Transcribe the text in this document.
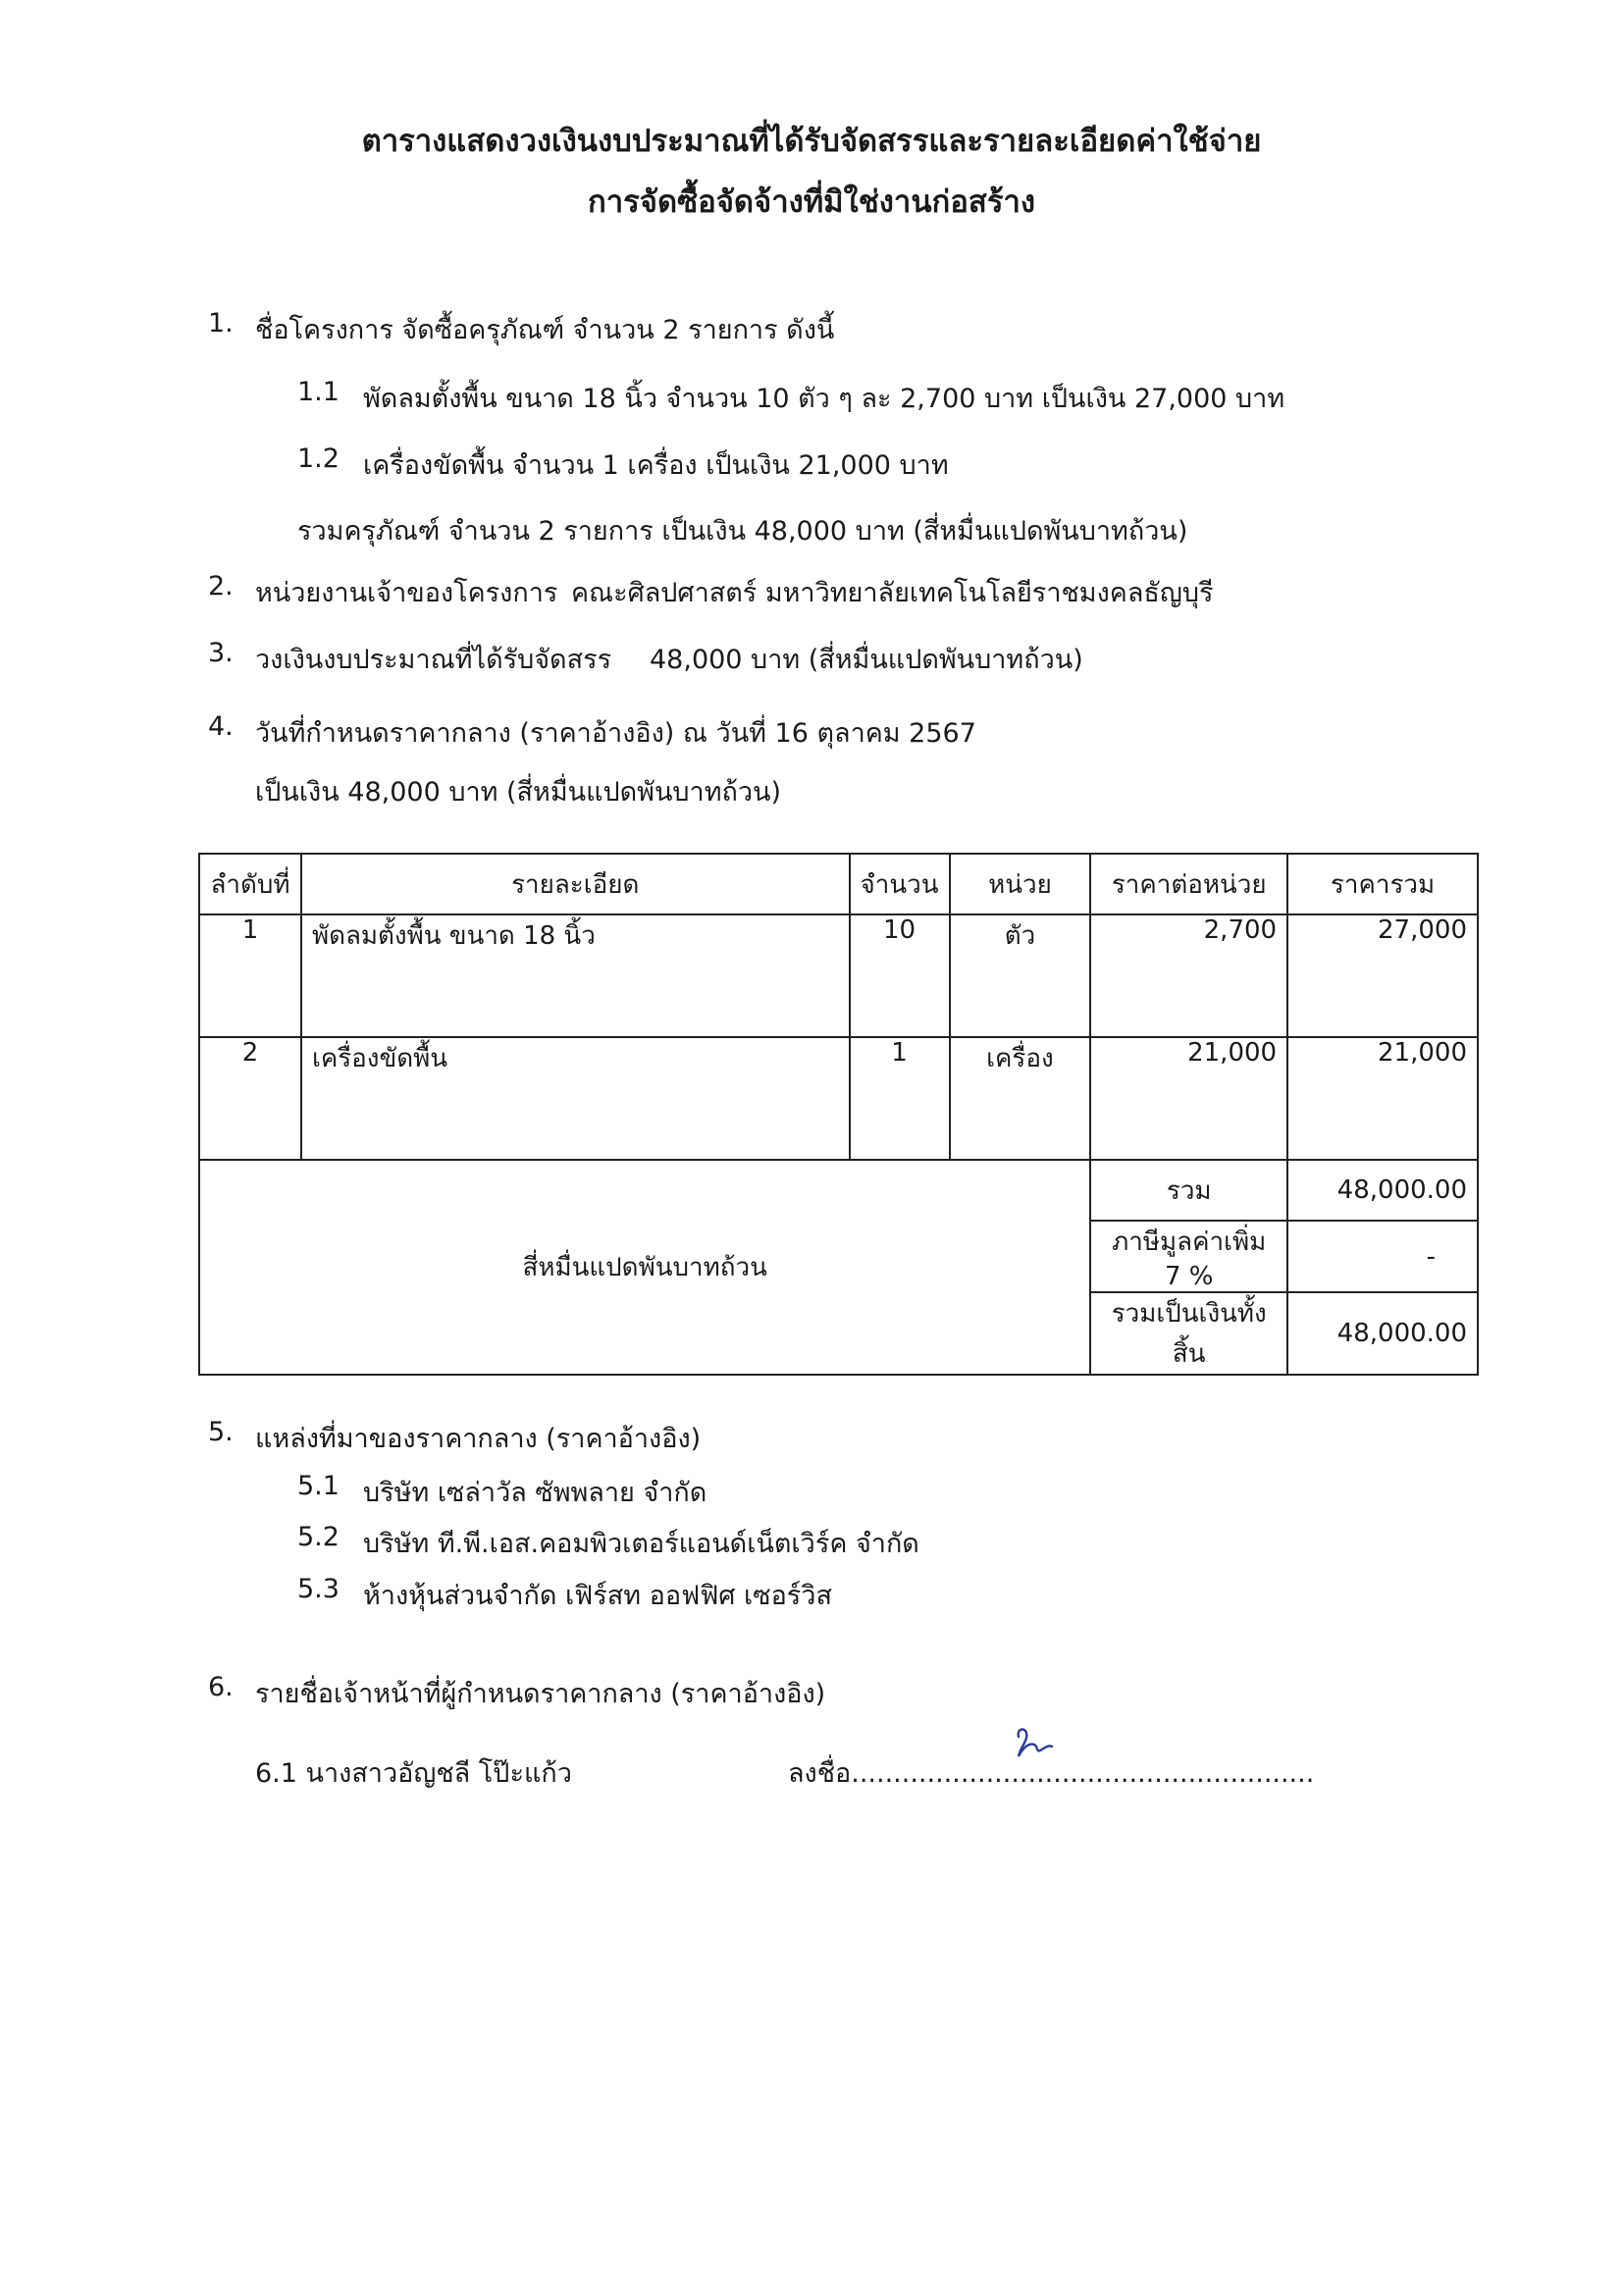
ตารางแสดงวงเงินงบประมาณที่ได้รับจัดสรรและรายละเอียดค่าใช้จ่าย
การจัดซื้อจัดจ้างที่มิใช่งานก่อสร้าง
1. ชื่อโครงการ จัดซื้อครุภัณฑ์ จำนวน 2 รายการ ดังนี้
1.1 พัดลมตั้งพื้น ขนาด 18 นิ้ว จำนวน 10 ตัว ๆ ละ 2,700 บาท เป็นเงิน 27,000 บาท
1.2 เครื่องขัดพื้น จำนวน 1 เครื่อง เป็นเงิน 21,000 บาท
รวมครุภัณฑ์ จำนวน 2 รายการ เป็นเงิน 48,000 บาท (สี่หมื่นแปดพันบาทถ้วน)
2. หน่วยงานเจ้าของโครงการ คณะศิลปศาสตร์ มหาวิทยาลัยเทคโนโลยีราชมงคลธัญบุรี
3. วงเงินงบประมาณที่ได้รับจัดสรร 48,000 บาท (สี่หมื่นแปดพันบาทถ้วน)
4. วันที่กำหนดราคากลาง (ราคาอ้างอิง) ณ วันที่ 16 ตุลาคม 2567
เป็นเงิน 48,000 บาท (สี่หมื่นแปดพันบาทถ้วน)
ลำดับที่	รายละเอียด	จำนวน	หน่วย	ราคาต่อหน่วย	ราคารวม
1	พัดลมตั้งพื้น ขนาด 18 นิ้ว	10	ตัว	2,700	27,000
2	เครื่องขัดพื้น	1	เครื่อง	21,000	21,000
สี่หมื่นแปดพันบาทถ้วน				รวม	48,000.00
				ภาษีมูลค่าเพิ่ม 7 %	-
				รวมเป็นเงินทั้งสิ้น	48,000.00
5. แหล่งที่มาของราคากลาง (ราคาอ้างอิง)
5.1 บริษัท เซล่าวัล ซัพพลาย จำกัด
5.2 บริษัท ที.พี.เอส.คอมพิวเตอร์แอนด์เน็ตเวิร์ค จำกัด
5.3 ห้างหุ้นส่วนจำกัด เฟิร์สท ออฟฟิศ เซอร์วิส
6. รายชื่อเจ้าหน้าที่ผู้กำหนดราคากลาง (ราคาอ้างอิง)
6.1 นางสาวอัญชลี โป๊ะแก้ว	ลงชื่อ.......................................................
